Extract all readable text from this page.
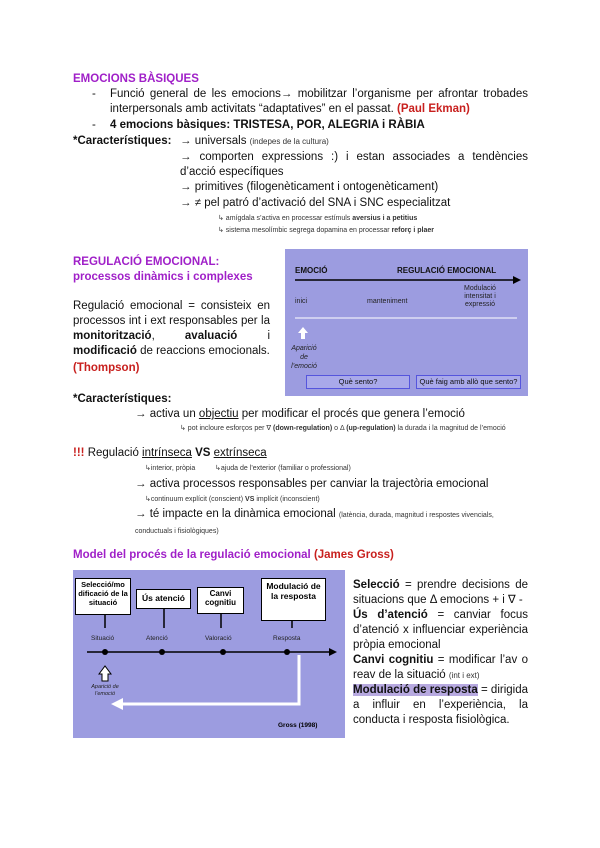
EMOCIONS BÀSIQUES
- Funció general de les emocions→ mobilitzar l’organisme per afrontar trobades interpersonals amb activitats “adaptatives” en el passat. (Paul Ekman)
- 4 emocions bàsiques: TRISTESA, POR, ALEGRIA i RÀBIA
*Característiques: → universals (indepes de la cultura)
→ comporten expressions :) i estan associades a tendències d’acció específiques
→ primitives (filogenèticament i ontogenèticament)
→ ≠ pel patró d’activació del SNA i SNC especialitzat
↳ amígdala s’activa en processar estímuls aversius i a petitius
↳ sistema mesolímbic segrega dopamina en processar reforç i plaer
REGULACIÓ EMOCIONAL: processos dinàmics i complexes
Regulació emocional = consisteix en processos int i ext responsables per la monitorització, avaluació i modificació de reaccions emocionals.
(Thompson)
EMOCIÓ	REGULACIÓ EMOCIONAL
inici	manteniment
Modulació intensitat i expressió
Aparició de l’emoció
Què sento?	Què faig amb allò que sento?
*Característiques:
→ activa un objectiu per modificar el procés que genera l’emoció
↳ pot incloure esforços per ∇ (down-regulation) o Δ (up-regulation) la durada i la magnitud de l’emoció
!!! Regulació intrínseca VS extrínseca
↳interior, pròpia	↳ajuda de l’exterior (familiar o professional)
→ activa processos responsables per canviar la trajectòria emocional
↳continuum explícit (conscient) VS implícit (inconscient)
→ té impacte en la dinàmica emocional (latència, durada, magnitud i respostes vivencials, conductuals i fisiològiques)
Model del procés de la regulació emocional (James Gross)
Selecció/mo dificació de la situació	Ús atenció	Canvi cognitiu
Modulació de la resposta
Situació	Atenció	Valoració	Resposta
Aparició de l’emoció
Gross (1998)
Selecció = prendre decisions de situacions que Δ emocions + i ∇ -
Ús d’atenció = canviar focus d’atenció x influenciar experiència pròpia emocional
Canvi cognitiu = modificar l’av o reav de la situació (int i ext)
Modulació de resposta = dirigida a influir en l’experiència, la conducta i resposta fisiològica.
